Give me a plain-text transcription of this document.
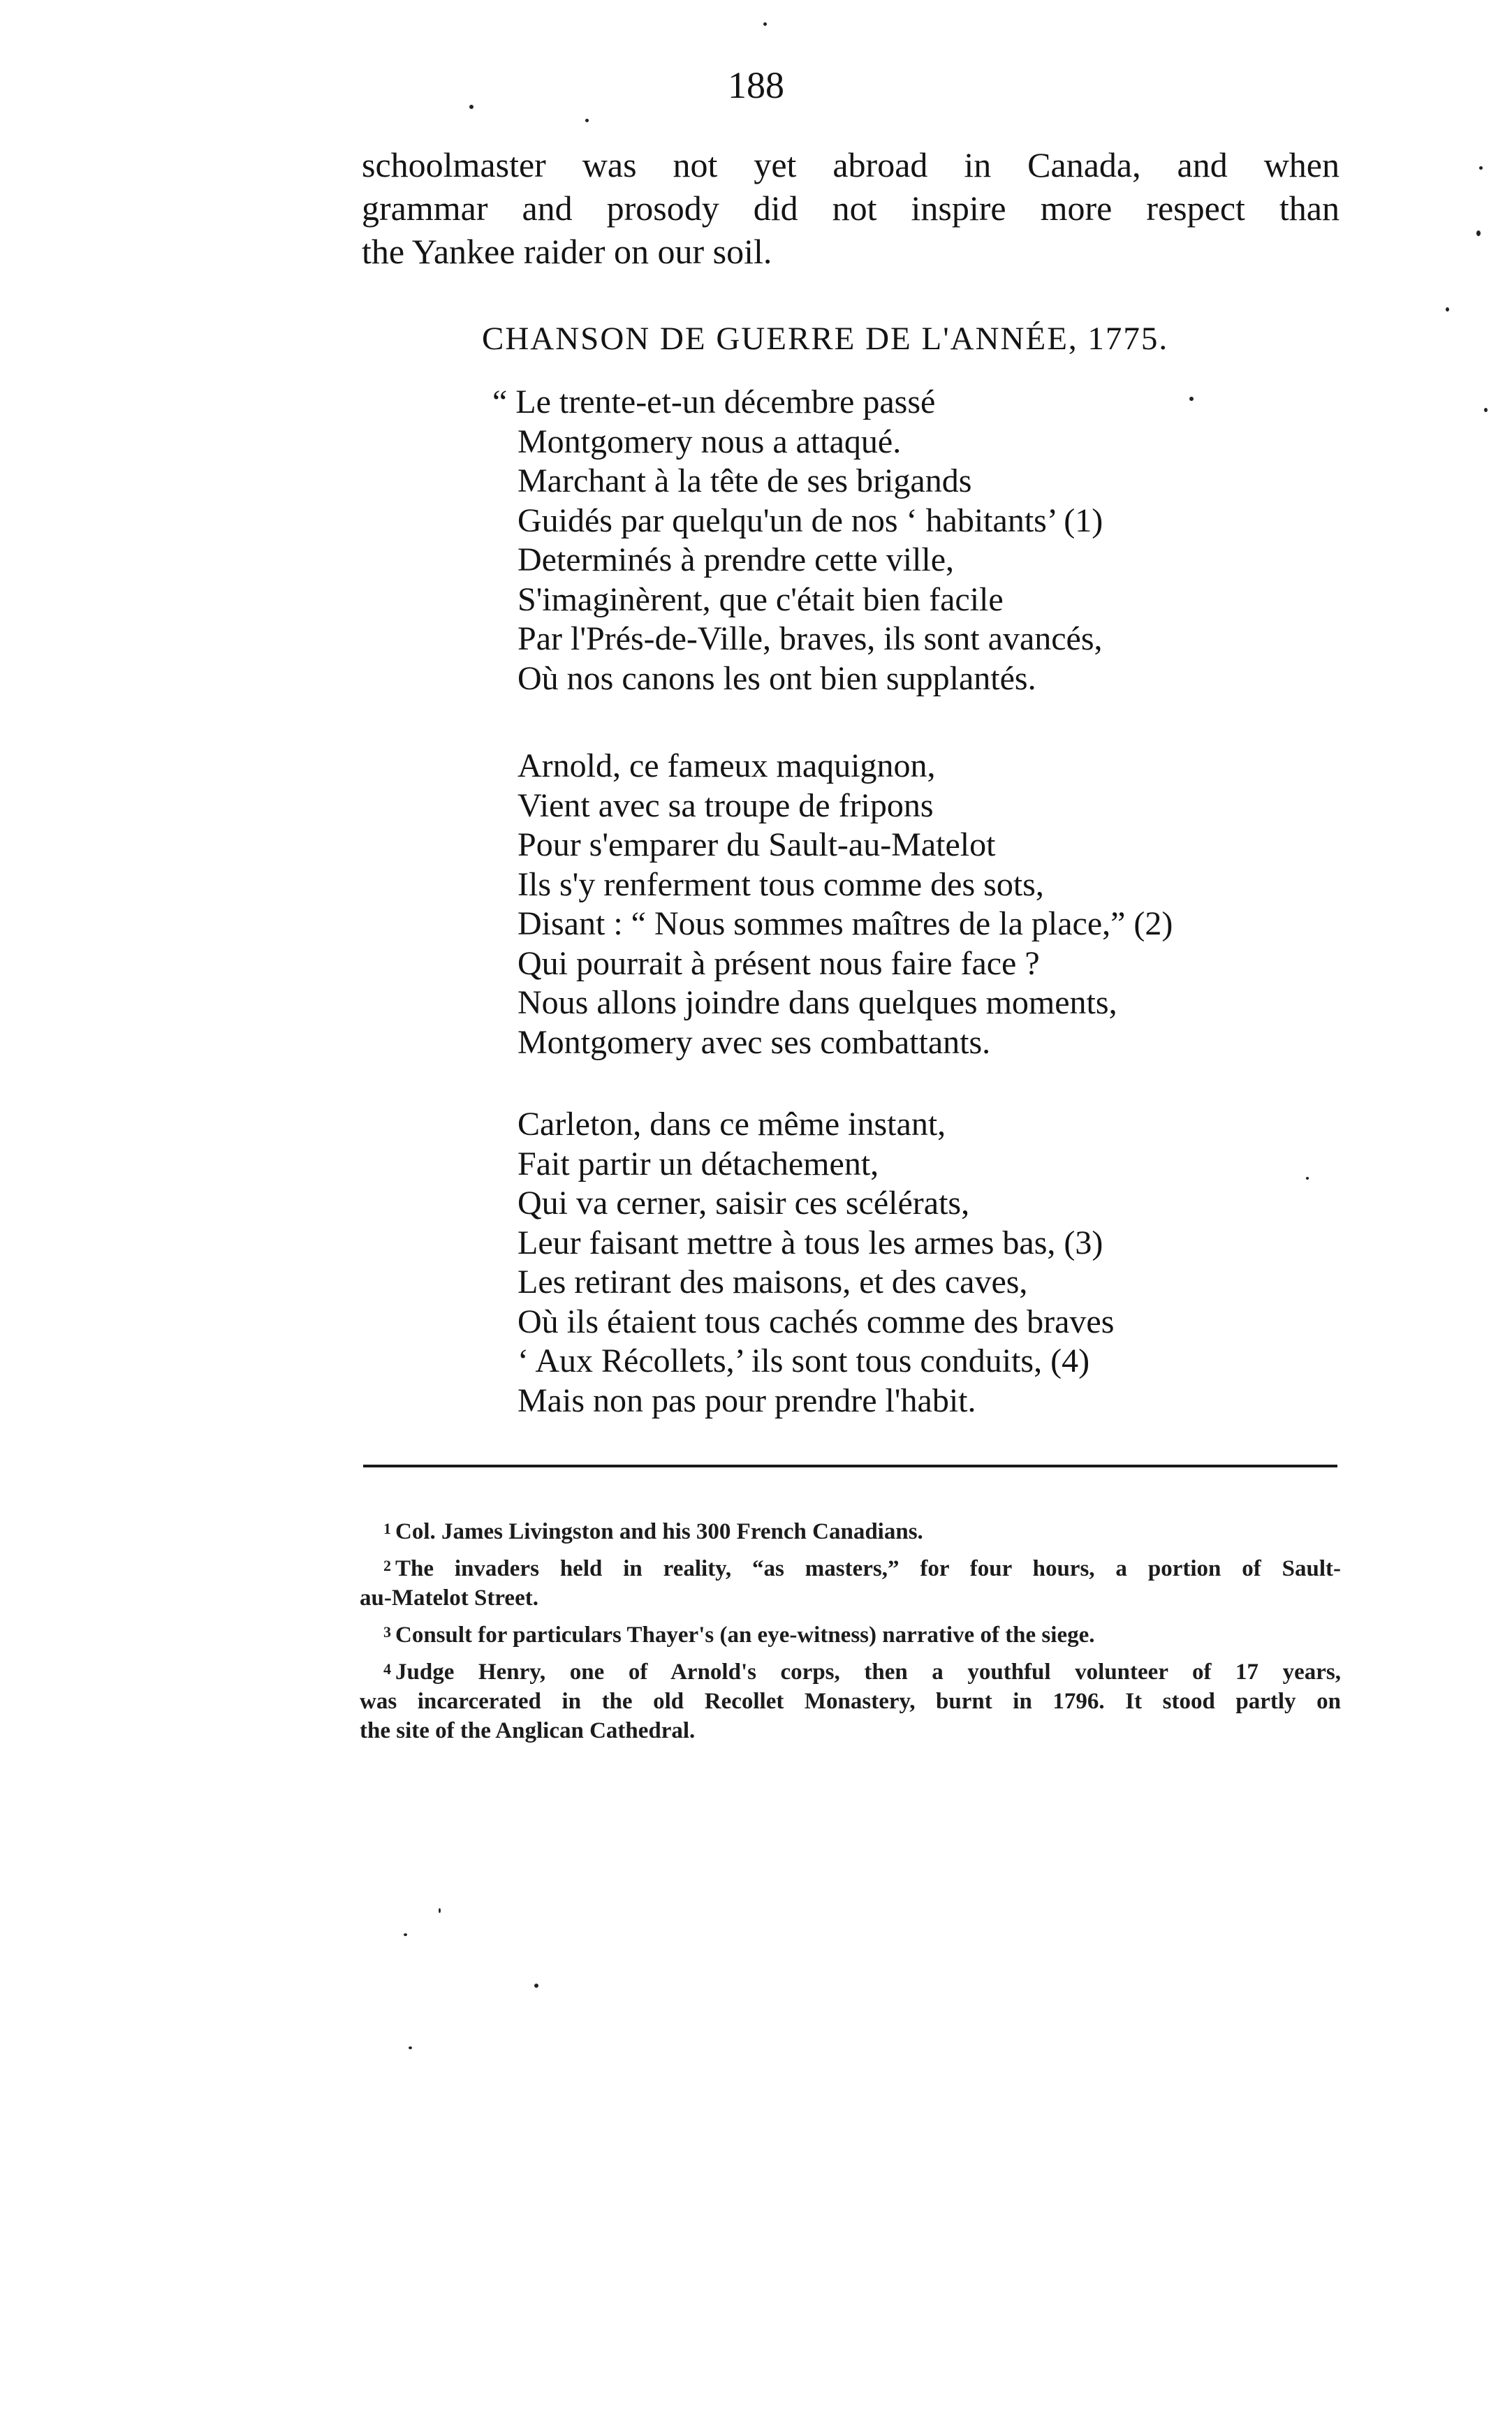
188

schoolmaster was not yet abroad in Canada, and when
grammar and prosody did not inspire more respect than
the Yankee raider on our soil.

CHANSON DE GUERRE DE L'ANNÉE, 1775.
“ Le trente-et-un décembre passé
Montgomery nous a attaqué.
Marchant à la tête de ses brigands
Guidés par quelqu'un de nos ‘ habitants’ (1)
Determinés à prendre cette ville,
S'imaginèrent, que c'était bien facile
Par l'Prés-de-Ville, braves, ils sont avancés,
Où nos canons les ont bien supplantés.
Arnold, ce fameux maquignon,
Vient avec sa troupe de fripons
Pour s'emparer du Sault-au-Matelot
Ils s'y renferment tous comme des sots,
Disant : “ Nous sommes maîtres de la place,” (2)
Qui pourrait à présent nous faire face ?
Nous allons joindre dans quelques moments,
Montgomery avec ses combattants.
Carleton, dans ce même instant,
Fait partir un détachement,
Qui va cerner, saisir ces scélérats,
Leur faisant mettre à tous les armes bas, (3)
Les retirant des maisons, et des caves,
Où ils étaient tous cachés comme des braves
‘ Aux Récollets,’ ils sont tous conduits, (4)
Mais non pas pour prendre l'habit.
$^1$ Col. James Livingston and his 300 French Canadians.
$^2$ The invaders held in reality, “as masters,” for four hours, a portion of Sault-
au-Matelot Street.
$^3$ Consult for particulars Thayer's (an eye-witness) narrative of the siege.
$^4$ Judge Henry, one of Arnold's corps, then a youthful volunteer of 17 years,
was incarcerated in the old Recollet Monastery, burnt in 1796. It stood partly on
the site of the Anglican Cathedral.
